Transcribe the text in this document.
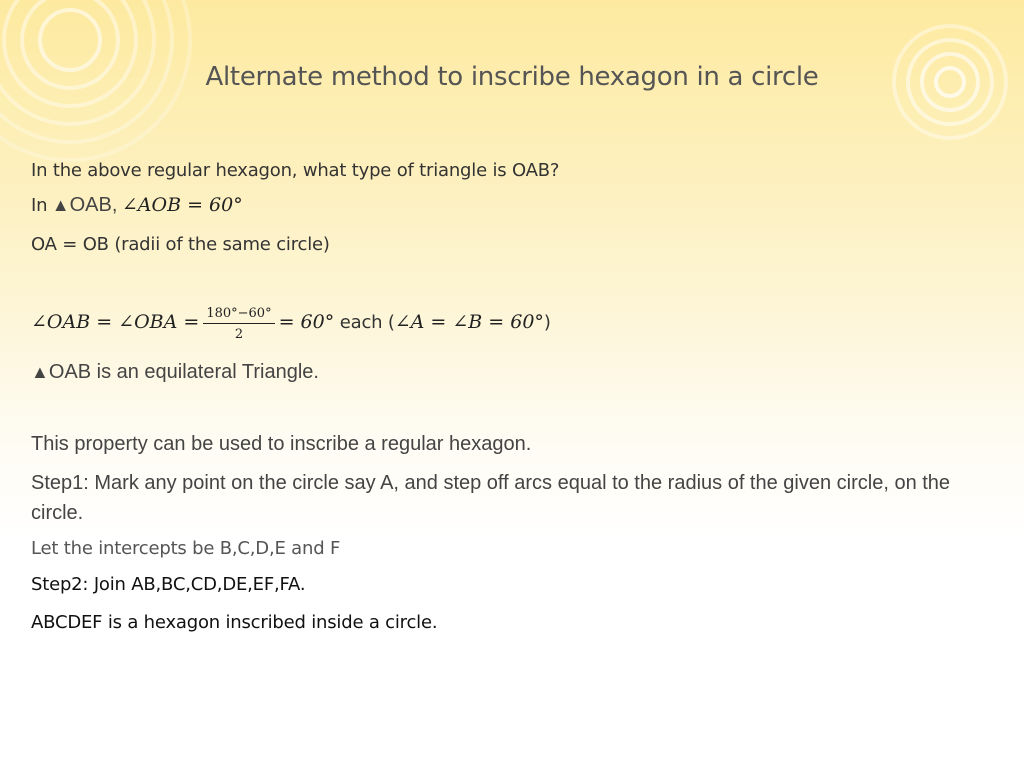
Alternate method to inscribe hexagon in a circle
In the above regular hexagon, what type of triangle is OAB?
In ▲OAB, ∠AOB = 60°
OA = OB (radii of the same circle)
∠OAB = ∠OBA = $\frac{180^\circ-60^\circ}{2} = 60^\circ$ each (∠A = ∠B = 60°)
▲OAB is an equilateral Triangle.
This property can be used to inscribe a regular hexagon.
Step1: Mark any point on the circle say A, and step off arcs equal to the radius of the given circle, on the circle.
Let the intercepts be B,C,D,E and F
Step2: Join AB,BC,CD,DE,EF,FA.
ABCDEF is a hexagon inscribed inside a circle.
